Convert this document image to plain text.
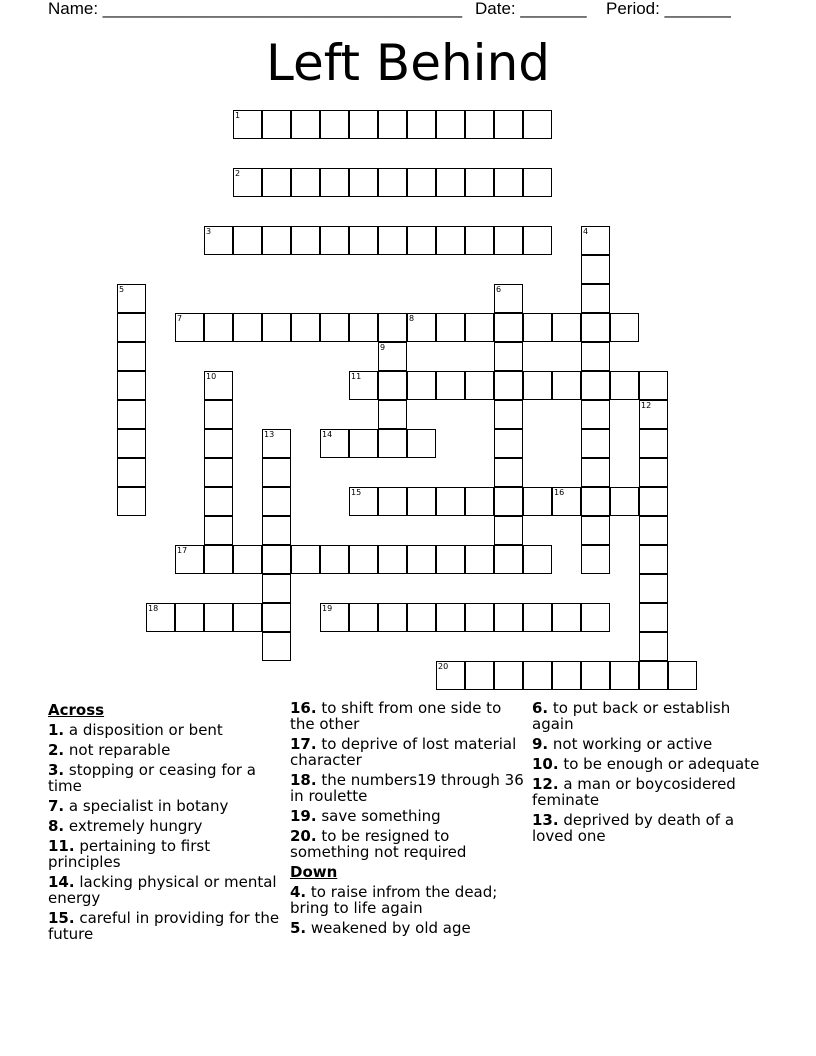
Name: ______________________________________ Date: _______ Period: _______
Left Behind
1
2
3	4
5	6
7	8
9
10	11
12
13	14
15	16
17
18	19
20
Across
1. a disposition or bent
2. not reparable
3. stopping or ceasing for a time
7. a specialist in botany
8. extremely hungry
11. pertaining to first principles
14. lacking physical or mental energy
15. careful in providing for the future
16. to shift from one side to the other
17. to deprive of lost material character
18. the numbers19 through 36 in roulette
19. save something
20. to be resigned to something not required
Down
4. to raise infrom the dead; bring to life again
5. weakened by old age
6. to put back or establish again
9. not working or active
10. to be enough or adequate
12. a man or boycosidered feminate
13. deprived by death of a loved one
